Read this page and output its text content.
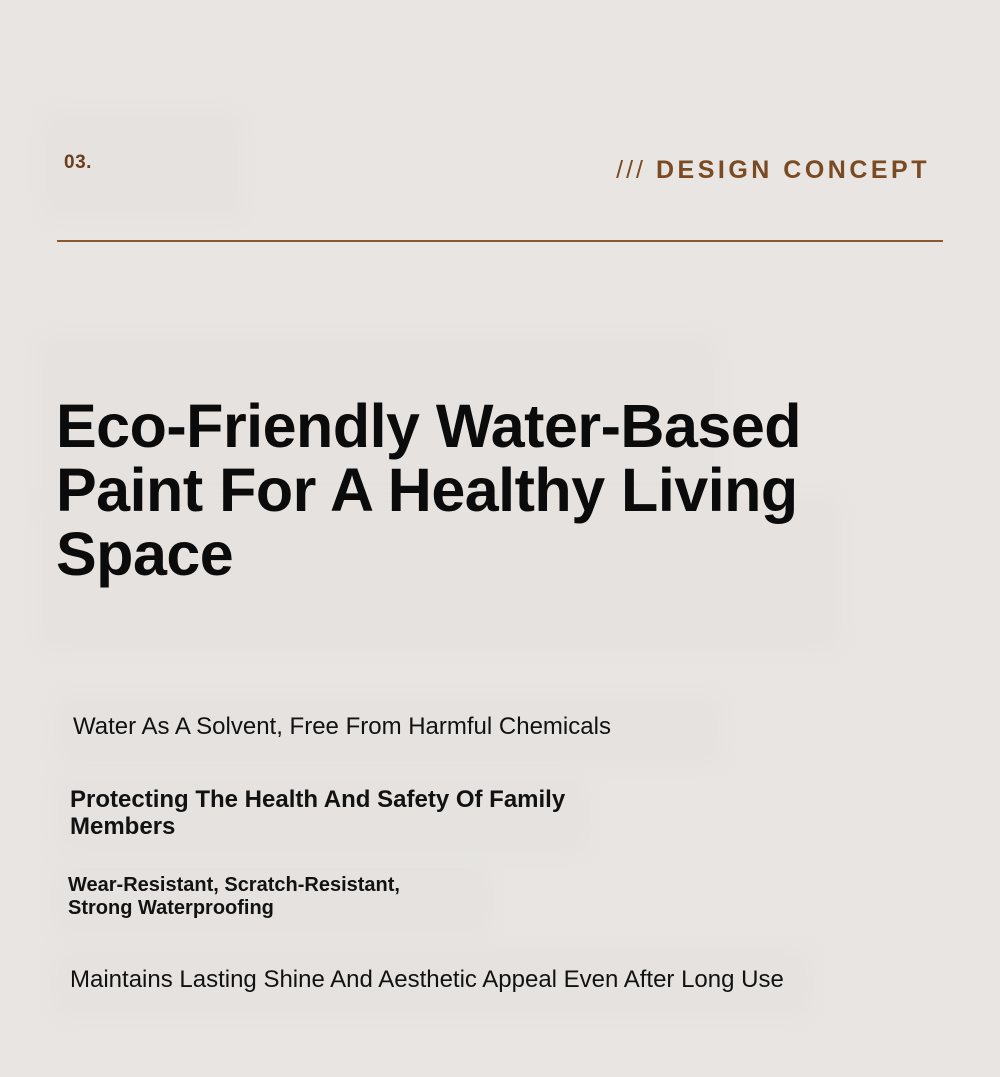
03.	/// DESIGN CONCEPT
Eco-Friendly Water-Based Paint For A Healthy Living Space

Water As A Solvent, Free From Harmful Chemicals

Protecting The Health And Safety Of Family Members

Wear-Resistant, Scratch-Resistant, Strong Waterproofing

Maintains Lasting Shine And Aesthetic Appeal Even After Long Use
